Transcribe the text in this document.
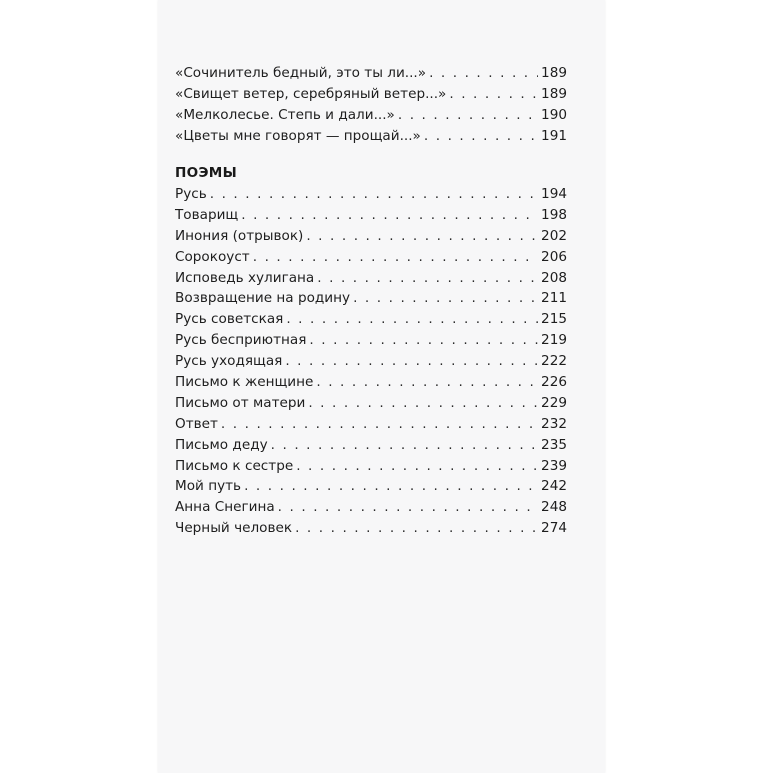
«Сочинитель бедный, это ты ли...» . . .	189
«Свищет ветер, серебряный ветер...» . . .	189
«Мелколесье. Степь и дали...» . . .	190
«Цветы мне говорят — прощай...» . . .	191
ПОЭМЫ
Русь . . .	194
Товарищ . . .	198
Инония (отрывок) . . .	202
Сорокоуст . . .	206
Исповедь хулигана . . .	208
Возвращение на родину . . .	211
Русь советская . . .	215
Русь бесприютная . . .	219
Русь уходящая . . .	222
Письмо к женщине . . .	226
Письмо от матери . . .	229
Ответ . . .	232
Письмо деду . . .	235
Письмо к сестре . . .	239
Мой путь . . .	242
Анна Снегина . . .	248
Черный человек . . .	274
